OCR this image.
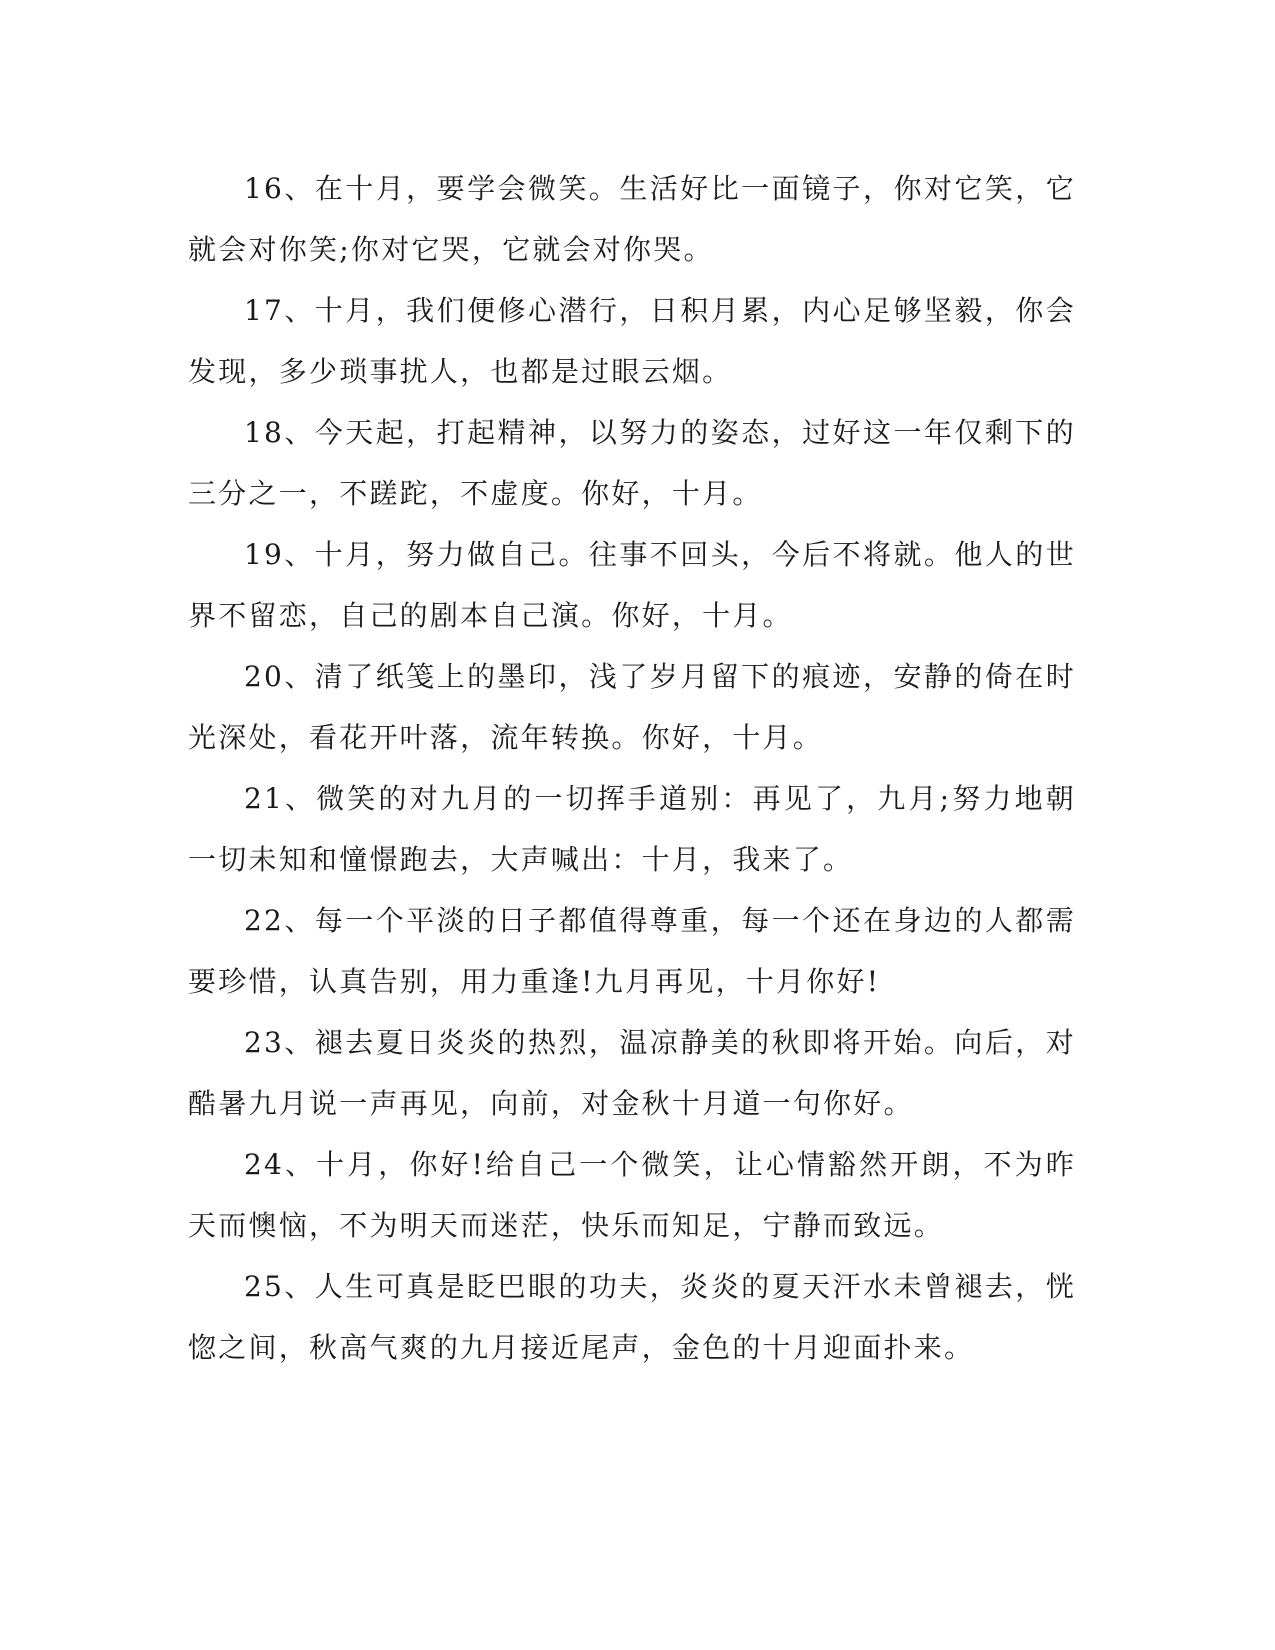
16、在十月，要学会微笑。生活好比一面镜子，你对它笑，它就会对你笑;你对它哭，它就会对你哭。

17、十月，我们便修心潜行，日积月累，内心足够坚毅，你会发现，多少琐事扰人，也都是过眼云烟。

18、今天起，打起精神，以努力的姿态，过好这一年仅剩下的三分之一，不蹉跎，不虚度。你好，十月。

19、十月，努力做自己。往事不回头，今后不将就。他人的世界不留恋，自己的剧本自己演。你好，十月。

20、清了纸笺上的墨印，浅了岁月留下的痕迹，安静的倚在时光深处，看花开叶落，流年转换。你好，十月。

21、微笑的对九月的一切挥手道别：再见了，九月;努力地朝一切未知和憧憬跑去，大声喊出：十月，我来了。

22、每一个平淡的日子都值得尊重，每一个还在身边的人都需要珍惜，认真告别，用力重逢!九月再见，十月你好!

23、褪去夏日炎炎的热烈，温凉静美的秋即将开始。向后，对酷暑九月说一声再见，向前，对金秋十月道一句你好。

24、十月，你好!给自己一个微笑，让心情豁然开朗，不为昨天而懊恼，不为明天而迷茫，快乐而知足，宁静而致远。

25、人生可真是眨巴眼的功夫，炎炎的夏天汗水未曾褪去，恍惚之间，秋高气爽的九月接近尾声，金色的十月迎面扑来。
